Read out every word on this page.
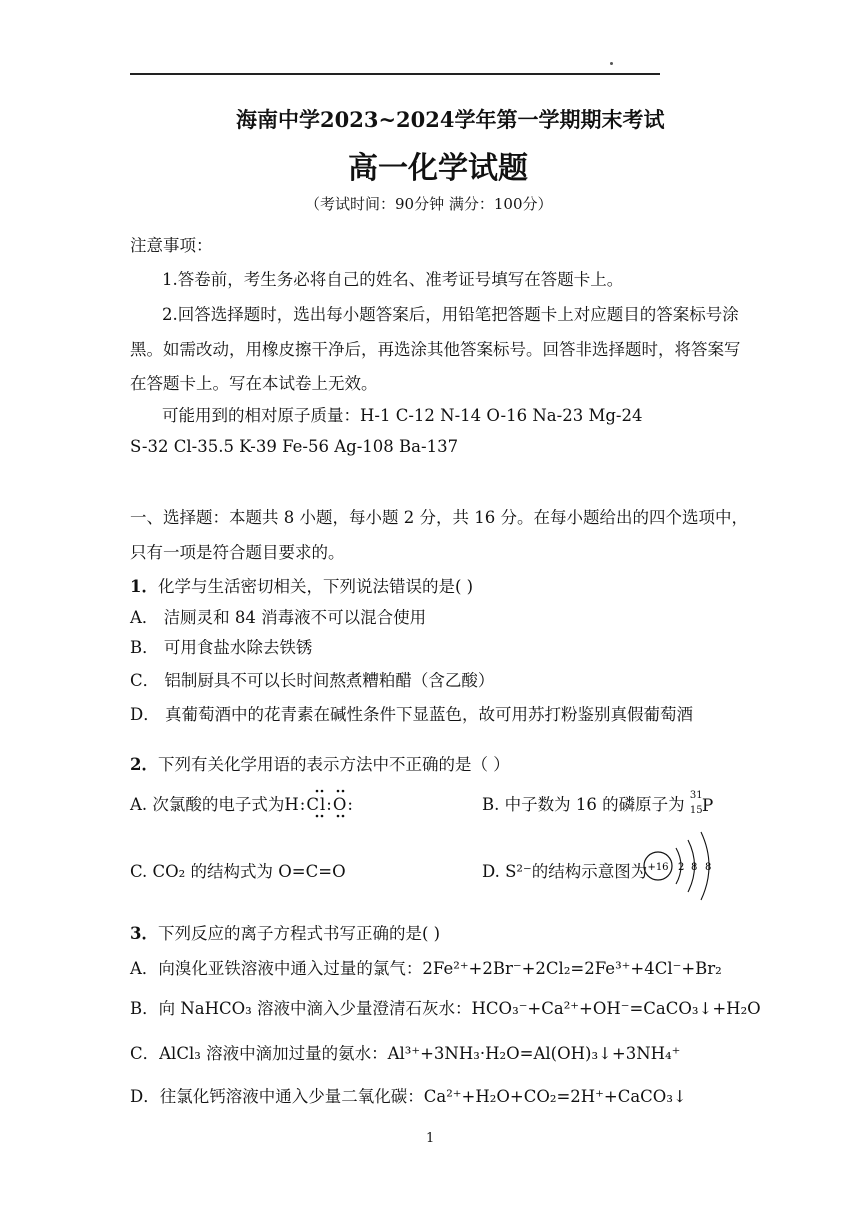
海南中学2023~2024学年第一学期期末考试
高一化学试题
（考试时间：90分钟 满分：100分）
注意事项：
1.答卷前，考生务必将自己的姓名、准考证号填写在答题卡上。
2.回答选择题时，选出每小题答案后，用铅笔把答题卡上对应题目的答案标号涂
黑。如需改动，用橡皮擦干净后，再选涂其他答案标号。回答非选择题时，将答案写
在答题卡上。写在本试卷上无效。
可能用到的相对原子质量：H-1 C-12 N-14 O-16 Na-23 Mg-24
S-32 Cl-35.5 K-39 Fe-56 Ag-108 Ba-137
一、选择题：本题共 8 小题，每小题 2 分，共 16 分。在每小题给出的四个选项中，
只有一项是符合题目要求的。
1．化学与生活密切相关，下列说法错误的是( )
A． 洁厕灵和 84 消毒液不可以混合使用
B． 可用食盐水除去铁锈
C． 铝制厨具不可以长时间熬煮糟粕醋（含乙酸）
D． 真葡萄酒中的花青素在碱性条件下显蓝色，故可用苏打粉鉴别真假葡萄酒
2．下列有关化学用语的表示方法中不正确的是（ ）
A. 次氯酸的电子式为H:Cl:O:	B. 中子数为 16 的磷原子为 31
15 P
C. CO₂ 的结构式为 O=C=O	D. S²⁻的结构示意图为 +16 2 8 8
3．下列反应的离子方程式书写正确的是( )
A．向溴化亚铁溶液中通入过量的氯气：2Fe²⁺+2Br⁻+2Cl₂=2Fe³⁺+4Cl⁻+Br₂
B．向 NaHCO₃ 溶液中滴入少量澄清石灰水：HCO₃⁻+Ca²⁺+OH⁻=CaCO₃↓+H₂O
C．AlCl₃ 溶液中滴加过量的氨水：Al³⁺+3NH₃·H₂O=Al(OH)₃↓+3NH₄⁺
D．往氯化钙溶液中通入少量二氧化碳：Ca²⁺+H₂O+CO₂=2H⁺+CaCO₃↓
1
